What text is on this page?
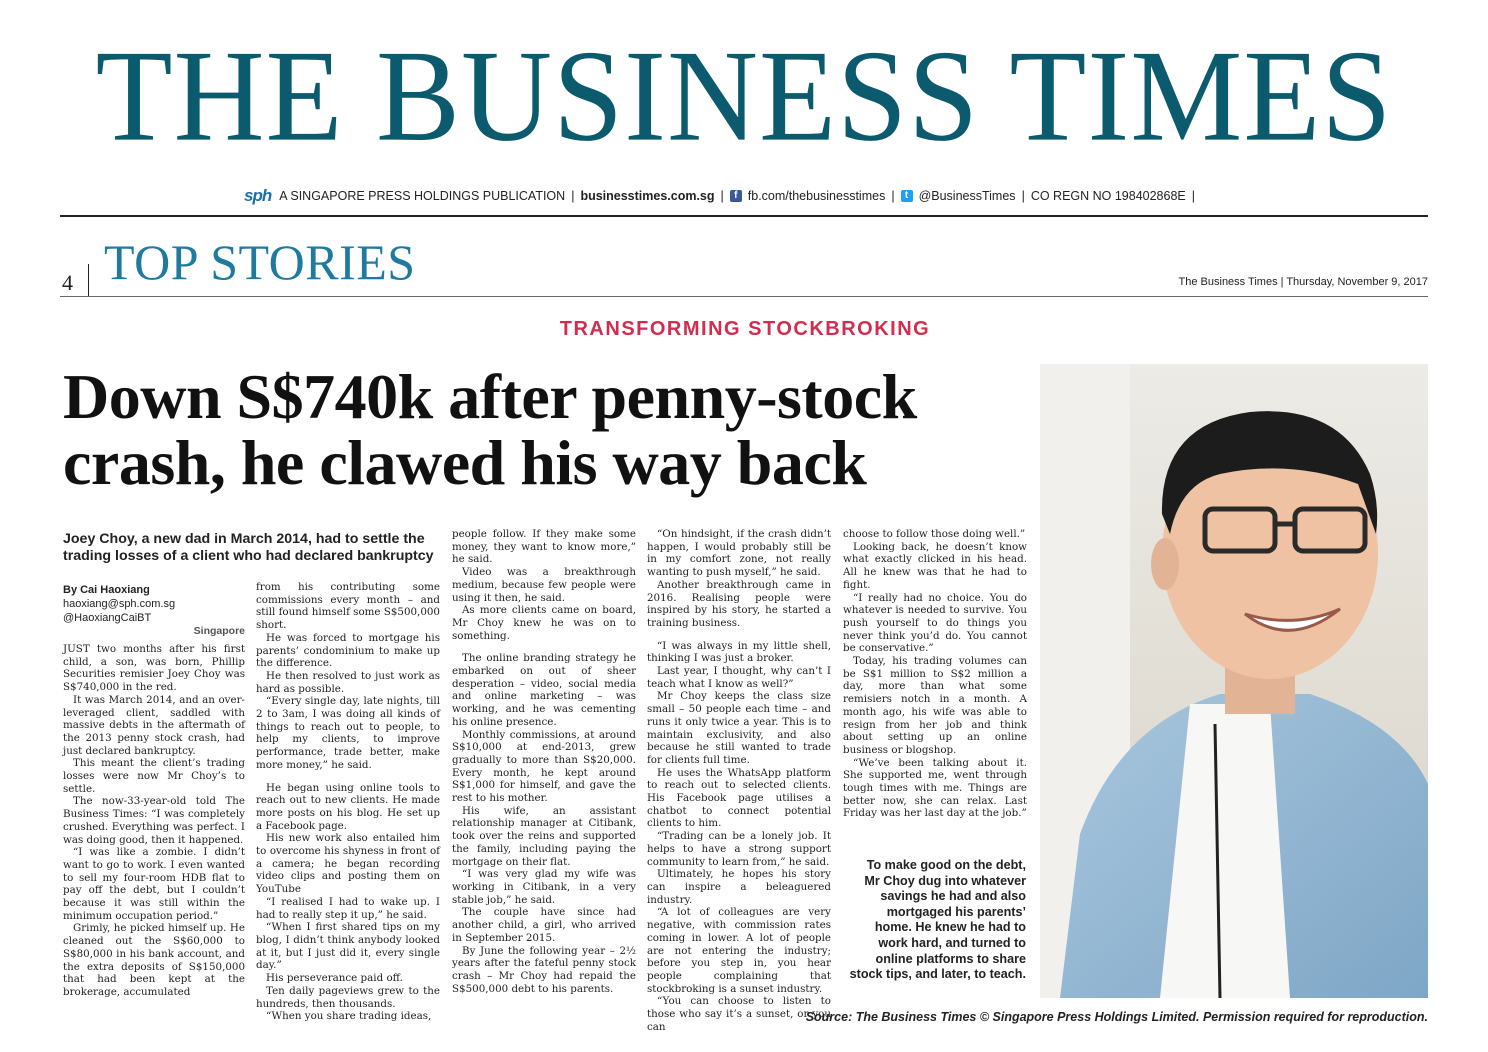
THE BUSINESS TIMES
sph A SINGAPORE PRESS HOLDINGS PUBLICATION | businesstimes.com.sg |	f fb.com/thebusinesstimes |	t @BusinessTimes | CO REGN NO 198402868E |
4 TOP STORIES	The Business Times | Thursday, November 9, 2017
TRANSFORMING STOCKBROKING
Down S$740k after penny-stock crash, he clawed his way back
Joey Choy, a new dad in March 2014, had to settle the trading losses of a client who had declared bankruptcy
By Cai Haoxiang
haoxiang@sph.com.sg
@HaoxiangCaiBT
Singapore

JUST two months after his first child, a son, was born, Phillip Securities remisier Joey Choy was S$740,000 in the red.

It was March 2014, and an over-leveraged client, saddled with massive debts in the aftermath of the 2013 penny stock crash, had just declared bankruptcy.

This meant the client’s trading losses were now Mr Choy’s to settle.

The now-33-year-old told The Business Times: “I was completely crushed. Everything was perfect. I was doing good, then it happened.

“I was like a zombie. I didn’t want to go to work. I even wanted to sell my four-room HDB flat to pay off the debt, but I couldn’t because it was still within the minimum occupation period.”

Grimly, he picked himself up. He cleaned out the S$60,000 to S$80,000 in his bank account, and the extra deposits of S$150,000 that had been kept at the brokerage, accumulated

from his contributing some commissions every month – and still found himself some S$500,000 short.

He was forced to mortgage his parents’ condominium to make up the difference.

He then resolved to just work as hard as possible.

“Every single day, late nights, till 2 to 3am, I was doing all kinds of things to reach out to people, to help my clients, to improve performance, trade better, make more money,” he said.

He began using online tools to reach out to new clients. He made more posts on his blog. He set up a Facebook page.

His new work also entailed him to overcome his shyness in front of a camera; he began recording video clips and posting them on YouTube

“I realised I had to wake up. I had to really step it up,” he said.

“When I first shared tips on my blog, I didn’t think anybody looked at it, but I just did it, every single day.”

His perseverance paid off.

Ten daily pageviews grew to the hundreds, then thousands.

“When you share trading ideas,

people follow. If they make some money, they want to know more,” he said.

Video was a breakthrough medium, because few people were using it then, he said.

As more clients came on board, Mr Choy knew he was on to something.

The online branding strategy he embarked on out of sheer desperation – video, social media and online marketing – was working, and he was cementing his online presence.

Monthly commissions, at around S$10,000 at end-2013, grew gradually to more than S$20,000. Every month, he kept around S$1,000 for himself, and gave the rest to his mother.

His wife, an assistant relationship manager at Citibank, took over the reins and supported the family, including paying the mortgage on their flat.

“I was very glad my wife was working in Citibank, in a very stable job,” he said.

The couple have since had another child, a girl, who arrived in September 2015.

By June the following year – 2½ years after the fateful penny stock crash – Mr Choy had repaid the S$500,000 debt to his parents.

“On hindsight, if the crash didn’t happen, I would probably still be in my comfort zone, not really wanting to push myself,” he said.

Another breakthrough came in 2016. Realising people were inspired by his story, he started a training business.

“I was always in my little shell, thinking I was just a broker.

Last year, I thought, why can’t I teach what I know as well?”

Mr Choy keeps the class size small – 50 people each time – and runs it only twice a year. This is to maintain exclusivity, and also because he still wanted to trade for clients full time.

He uses the WhatsApp platform to reach out to selected clients. His Facebook page utilises a chatbot to connect potential clients to him.

“Trading can be a lonely job. It helps to have a strong support community to learn from,” he said.

Ultimately, he hopes his story can inspire a beleaguered industry.

“A lot of colleagues are very negative, with commission rates coming in lower. A lot of people are not entering the industry; before you step in, you hear people complaining that stockbroking is a sunset industry.

“You can choose to listen to those who say it’s a sunset, or you can

choose to follow those doing well.”

Looking back, he doesn’t know what exactly clicked in his head. All he knew was that he had to fight.

“I really had no choice. You do whatever is needed to survive. You push yourself to do things you never think you’d do. You cannot be conservative.”

Today, his trading volumes can be S$1 million to S$2 million a day, more than what some remisiers notch in a month. A month ago, his wife was able to resign from her job and think about setting up an online business or blogshop.

“We’ve been talking about it. She supported me, went through tough times with me. Things are better now, she can relax. Last Friday was her last day at the job.”

To make good on the debt, Mr Choy dug into whatever savings he had and also mortgaged his parents’ home. He knew he had to work hard, and turned to online platforms to share stock tips, and later, to teach.
Source: The Business Times © Singapore Press Holdings Limited. Permission required for reproduction.
